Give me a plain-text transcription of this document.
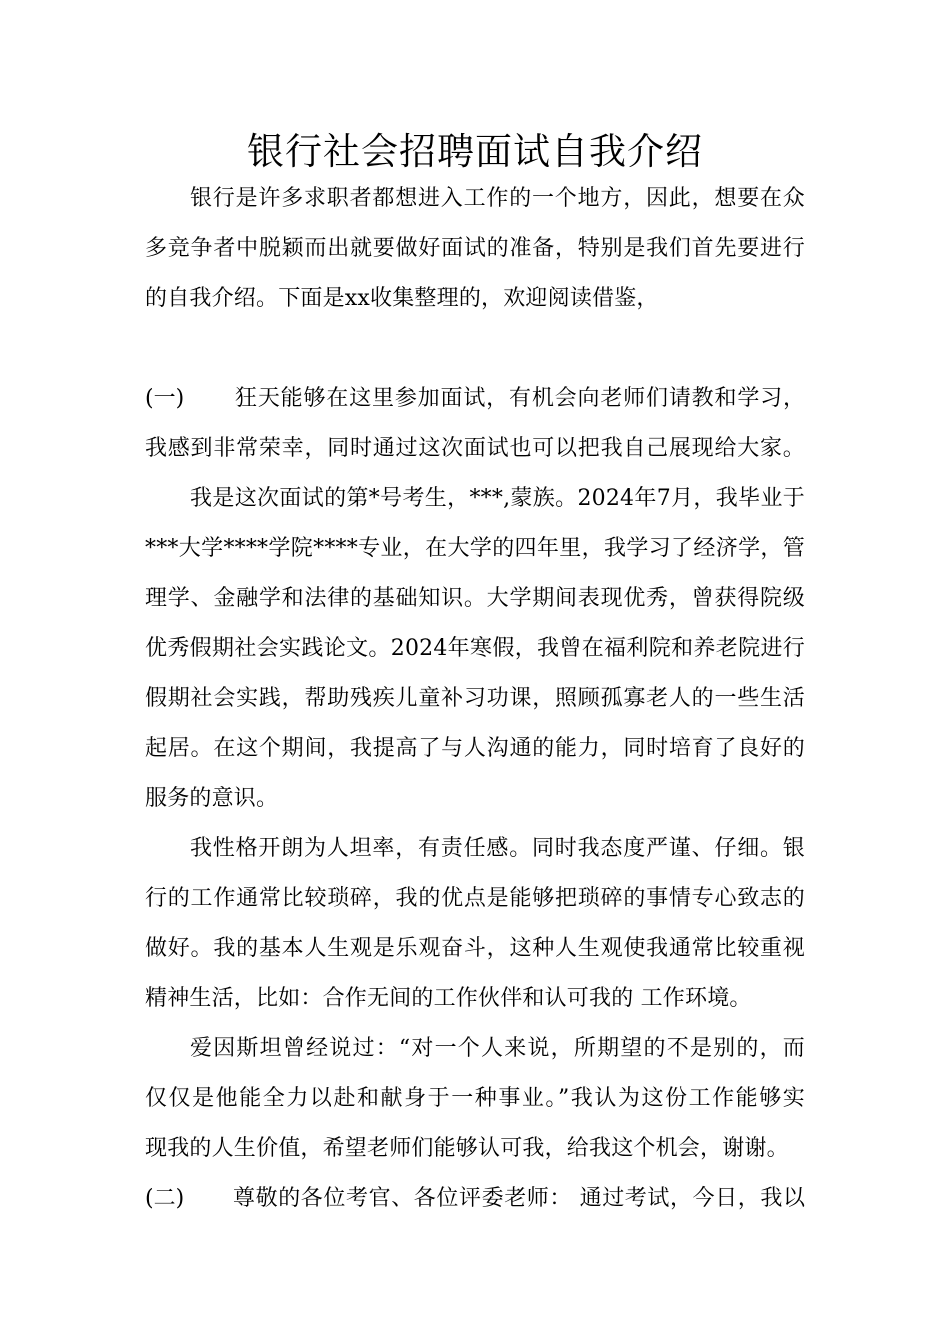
银行社会招聘面试自我介绍
银行是许多求职者都想进入工作的一个地方，因此，想要在众
多竞争者中脱颖而出就要做好面试的准备，特别是我们首先要进行
的自我介绍。下面是xx收集整理的，欢迎阅读借鉴，
(一) 狂天能够在这里参加面试，有机会向老师们请教和学习，
我感到非常荣幸，同时通过这次面试也可以把我自己展现给大家。
我是这次面试的第*号考生，***,蒙族。2024年7月，我毕业于
***大学****学院****专业，在大学的四年里，我学习了经济学，管
理学、金融学和法律的基础知识。大学期间表现优秀，曾获得院级
优秀假期社会实践论文。2024年寒假，我曾在福利院和养老院进行
假期社会实践，帮助残疾儿童补习功课，照顾孤寡老人的一些生活
起居。在这个期间，我提高了与人沟通的能力，同时培育了良好的
服务的意识。
我性格开朗为人坦率，有责任感。同时我态度严谨、仔细。银
行的工作通常比较琐碎，我的优点是能够把琐碎的事情专心致志的
做好。我的基本人生观是乐观奋斗，这种人生观使我通常比较重视
精神生活，比如：合作无间的工作伙伴和认可我的 工作环境。
爱因斯坦曾经说过：“对一个人来说，所期望的不是别的，而
仅仅是他能全力以赴和献身于一种事业。”我认为这份工作能够实
现我的人生价值，希望老师们能够认可我，给我这个机会，谢谢。
(二) 尊敬的各位考官、各位评委老师： 通过考试，今日，我以
